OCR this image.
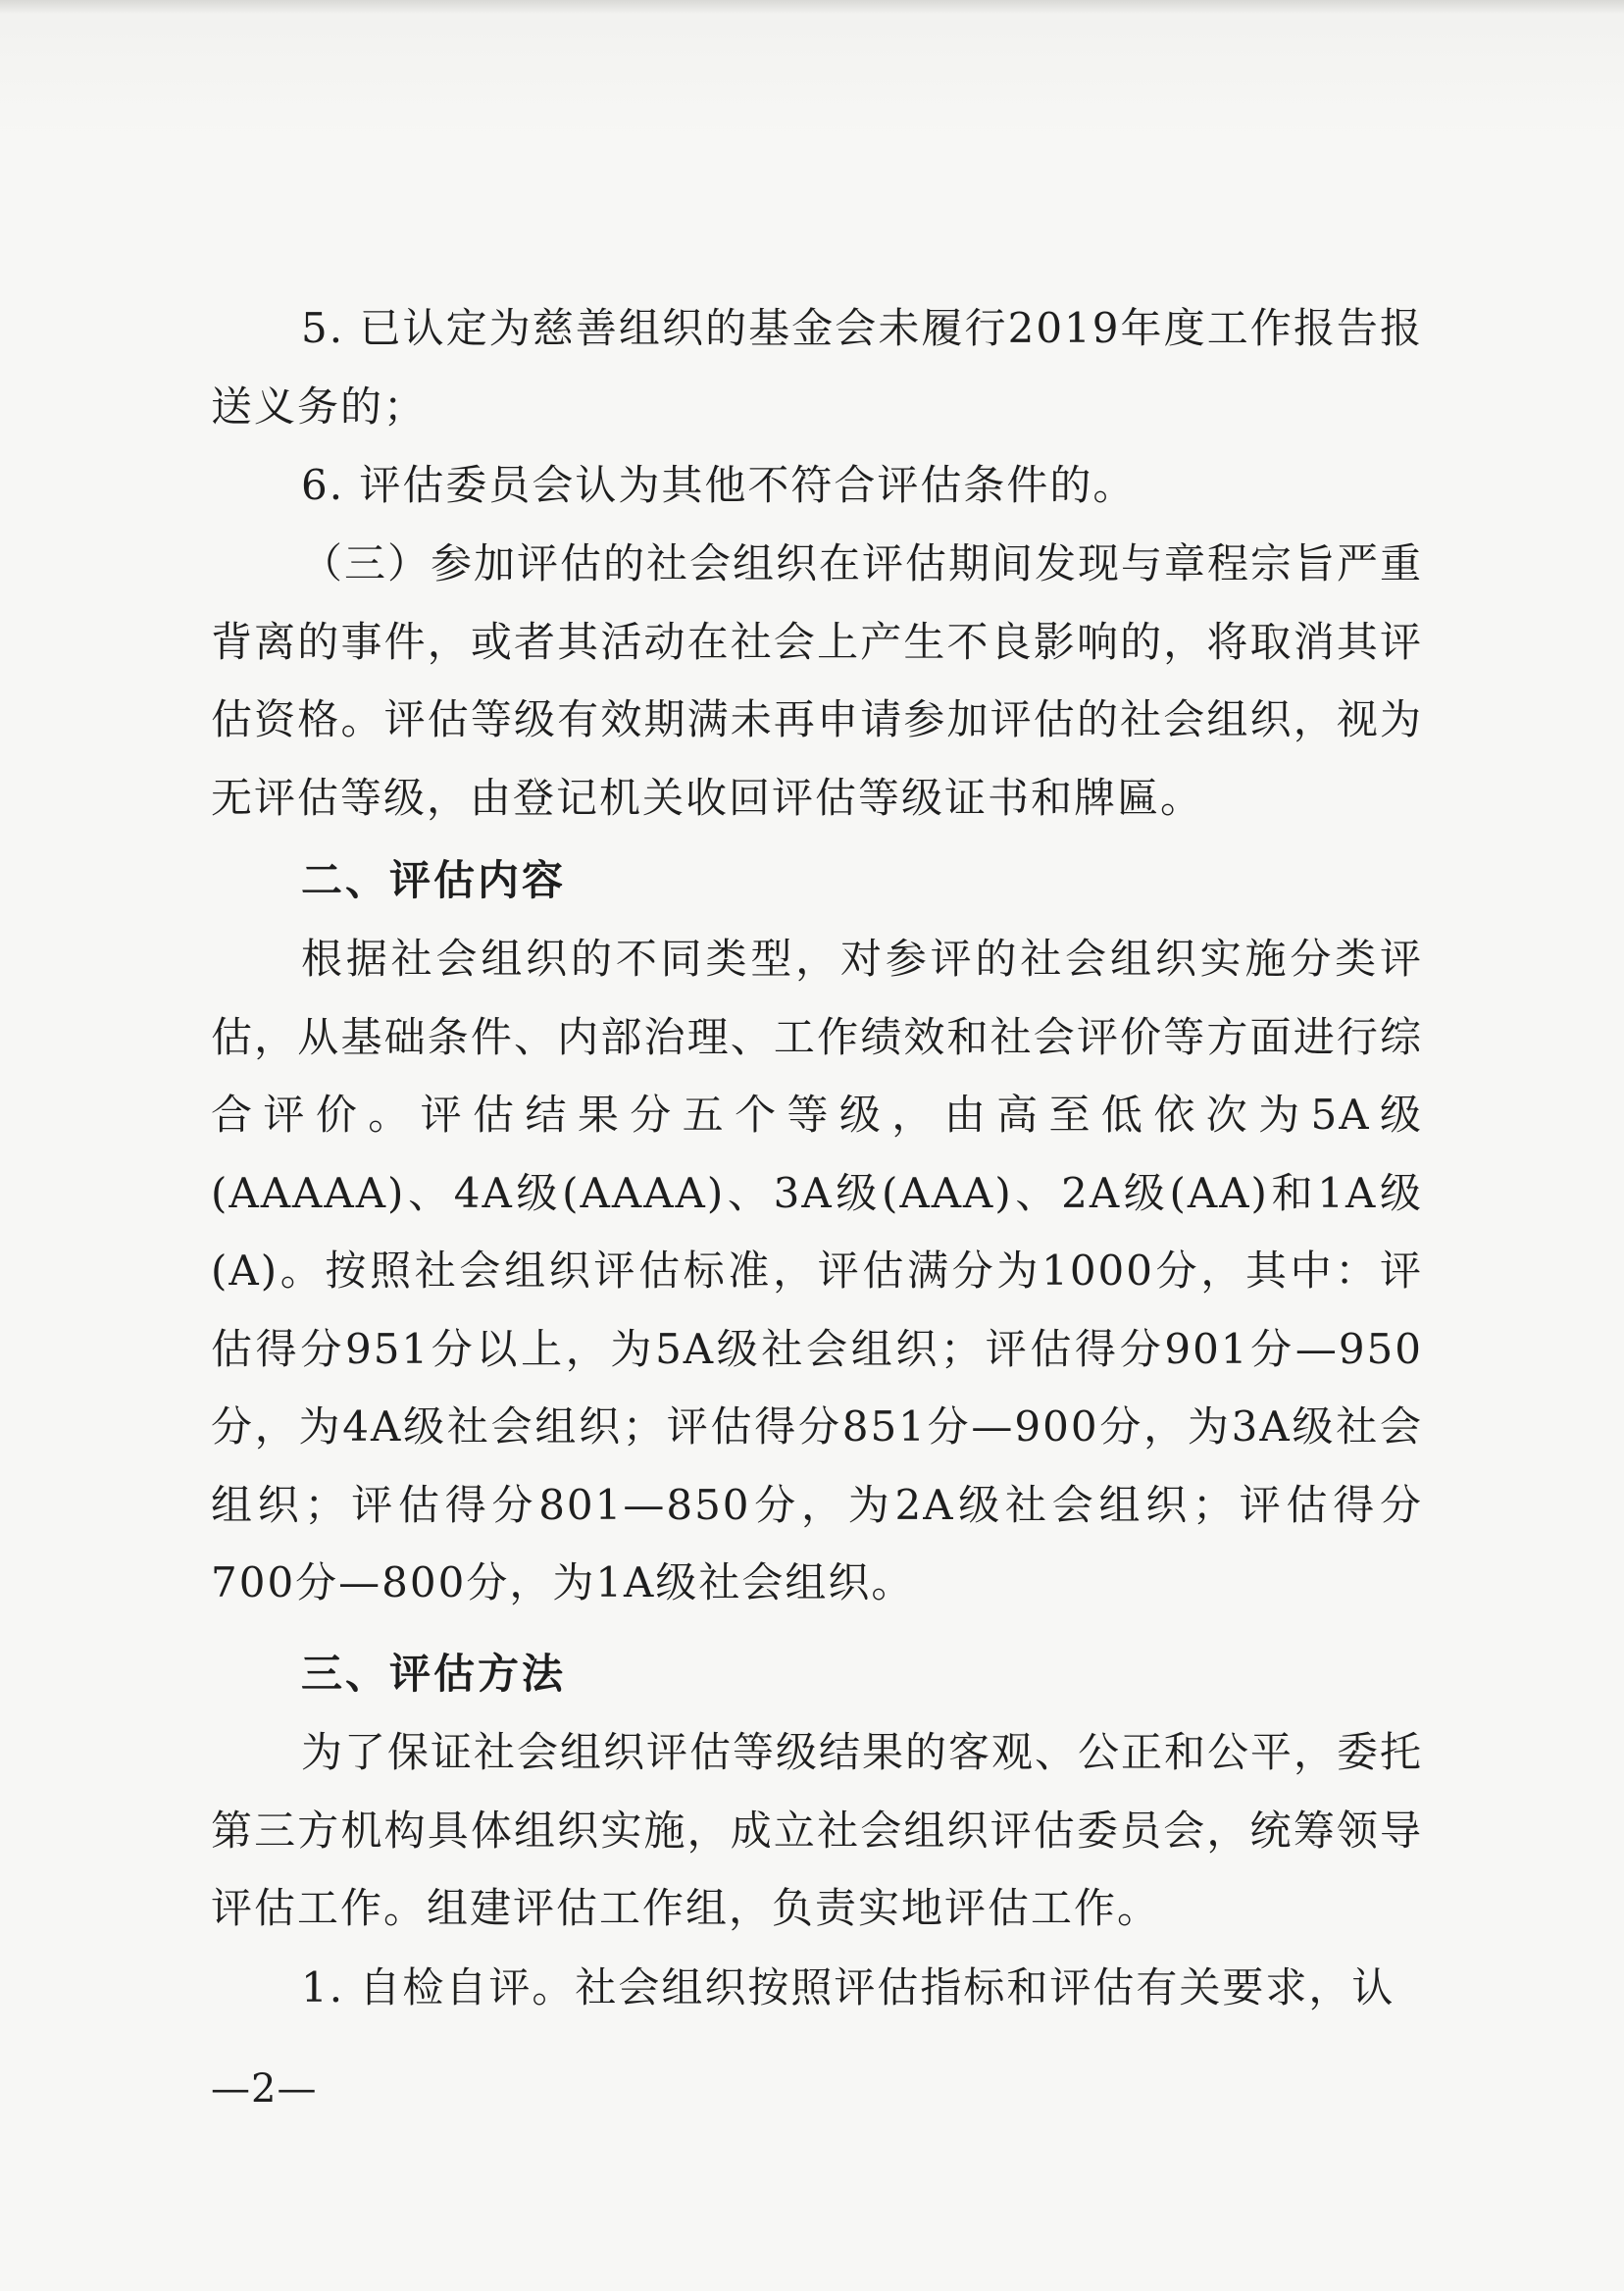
5. 已认定为慈善组织的基金会未履行2019年度工作报告报送义务的；

6. 评估委员会认为其他不符合评估条件的。

（三）参加评估的社会组织在评估期间发现与章程宗旨严重背离的事件，或者其活动在社会上产生不良影响的，将取消其评估资格。评估等级有效期满未再申请参加评估的社会组织，视为无评估等级，由登记机关收回评估等级证书和牌匾。

二、评估内容

根据社会组织的不同类型，对参评的社会组织实施分类评估，从基础条件、内部治理、工作绩效和社会评价等方面进行综合评价。评估结果分五个等级，由高至低依次为5A级(AAAAA)、4A级(AAAA)、3A级(AAA)、2A级(AA)和1A级(A)。按照社会组织评估标准，评估满分为1000分，其中：评估得分951分以上，为5A级社会组织；评估得分901分—950分，为4A级社会组织；评估得分851分—900分，为3A级社会组织；评估得分801—850分，为2A级社会组织；评估得分700分—800分，为1A级社会组织。

三、评估方法

为了保证社会组织评估等级结果的客观、公正和公平，委托第三方机构具体组织实施，成立社会组织评估委员会，统筹领导评估工作。组建评估工作组，负责实地评估工作。

1. 自检自评。社会组织按照评估指标和评估有关要求，认

—2—
